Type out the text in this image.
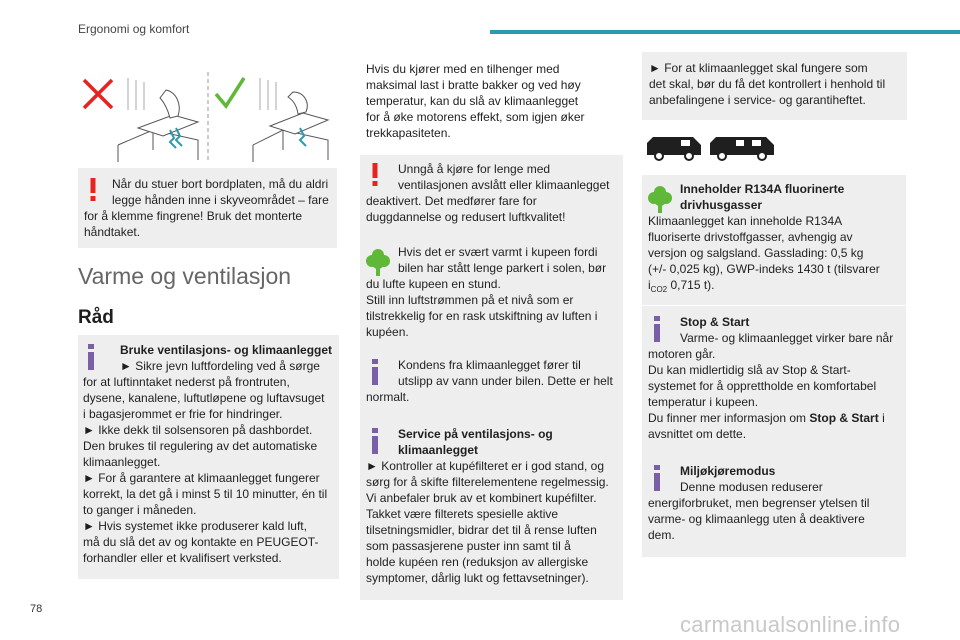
Ergonomi og komfort

Når du stuer bort bordplaten, må du aldri

legge hånden inne i skyveområdet – fare

for å klemme fingrene! Bruk det monterte

håndtaket.

Varme og ventilasjon
Råd

Bruke ventilasjons- og klimaanlegget

► Sikre jevn luftfordeling ved å sørge

for at luftinntaket nederst på frontruten,

dysene, kanalene, luftutløpene og luftavsuget

i bagasjerommet er frie for hindringer.

► Ikke dekk til solsensoren på dashbordet.

Den brukes til regulering av det automatiske

klimaanlegget.

► For å garantere at klimaanlegget fungerer

korrekt, la det gå i minst 5 til 10 minutter, én til

to ganger i måneden.

► Hvis systemet ikke produserer kald luft,

må du slå det av og kontakte en PEUGEOT-

forhandler eller et kvalifisert verksted.

Hvis du kjører med en tilhenger med

maksimal last i bratte bakker og ved høy

temperatur, kan du slå av klimaanlegget

for å øke motorens effekt, som igjen øker

trekkapasiteten.

Unngå å kjøre for lenge med

ventilasjonen avslått eller klimaanlegget

deaktivert. Det medfører fare for

duggdannelse og redusert luftkvalitet!

Hvis det er svært varmt i kupeen fordi

bilen har stått lenge parkert i solen, bør

du lufte kupeen en stund.

Still inn luftstrømmen på et nivå som er

tilstrekkelig for en rask utskiftning av luften i

kupéen.

Kondens fra klimaanlegget fører til

utslipp av vann under bilen. Dette er helt

normalt.

Service på ventilasjons- og

klimaanlegget

► Kontroller at kupéfilteret er i god stand, og

sørg for å skifte filterelementene regelmessig.

Vi anbefaler bruk av et kombinert kupéfilter.

Takket være filterets spesielle aktive

tilsetningsmidler, bidrar det til å rense luften

som passasjerene puster inn samt til å

holde kupéen ren (reduksjon av allergiske

symptomer, dårlig lukt og fettavsetninger).

► For at klimaanlegget skal fungere som

det skal, bør du få det kontrollert i henhold til

anbefalingene i service- og garantiheftet.

Inneholder R134A fluorinerte

drivhusgasser

Klimaanlegget kan inneholde R134A

fluoriserte drivstoffgasser, avhengig av

versjon og salgsland. Gasslading: 0,5 kg

(+/- 0,025 kg), GWP-indeks 1430 t (tilsvarer

$i_{CO2}$ 0,715 t).

Stop & Start

Varme- og klimaanlegget virker bare når

motoren går.

Du kan midlertidig slå av Stop & Start-

systemet for å opprettholde en komfortabel

temperatur i kupeen.

Du finner mer informasjon om Stop & Start i

avsnittet om dette.

Miljøkjøremodus

Denne modusen reduserer

energiforbruket, men begrenser ytelsen til

varme- og klimaanlegg uten å deaktivere

dem.

78
carmanualsonline.info
